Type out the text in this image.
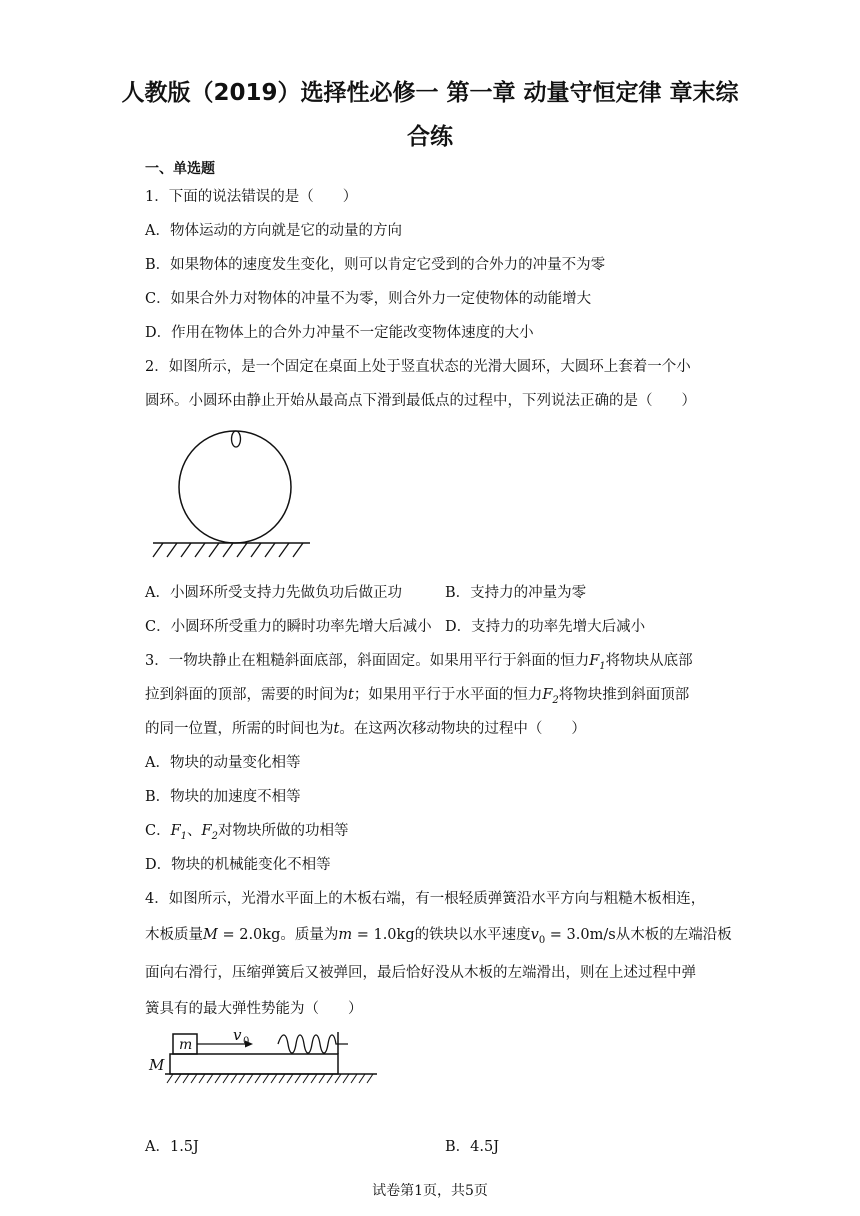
人教版（2019）选择性必修一 第一章 动量守恒定律 章末综
合练
一、单选题
1．下面的说法错误的是（　　）
A．物体运动的方向就是它的动量的方向
B．如果物体的速度发生变化，则可以肯定它受到的合外力的冲量不为零
C．如果合外力对物体的冲量不为零，则合外力一定使物体的动能增大
D．作用在物体上的合外力冲量不一定能改变物体速度的大小
2．如图所示，是一个固定在桌面上处于竖直状态的光滑大圆环，大圆环上套着一个小
圆环。小圆环由静止开始从最高点下滑到最低点的过程中，下列说法正确的是（　　）
A．小圆环所受支持力先做负功后做正功	B．支持力的冲量为零
C．小圆环所受重力的瞬时功率先增大后减小 D．支持力的功率先增大后减小
3．一物块静止在粗糙斜面底部，斜面固定。如果用平行于斜面的恒力$F_1$将物块从底部
拉到斜面的顶部，需要的时间为t；如果用平行于水平面的恒力$F_2$将物块推到斜面顶部
的同一位置，所需的时间也为t。在这两次移动物块的过程中（　　）
A．物块的动量变化相等
B．物块的加速度不相等
C．$F_1$、$F_2$对物块所做的功相等
D．物块的机械能变化不相等
4．如图所示，光滑水平面上的木板右端，有一根轻质弹簧沿水平方向与粗糙木板相连，
木板质量M = 2.0kg。质量为m = 1.0kg的铁块以水平速度$v_0 = 3.0m/s$从木板的左端沿板
面向右滑行，压缩弹簧后又被弹回，最后恰好没从木板的左端滑出，则在上述过程中弹
簧具有的最大弹性势能为（　　）
m
v 0
M
A．1.5J	B．4.5J
试卷第1页，共5页
